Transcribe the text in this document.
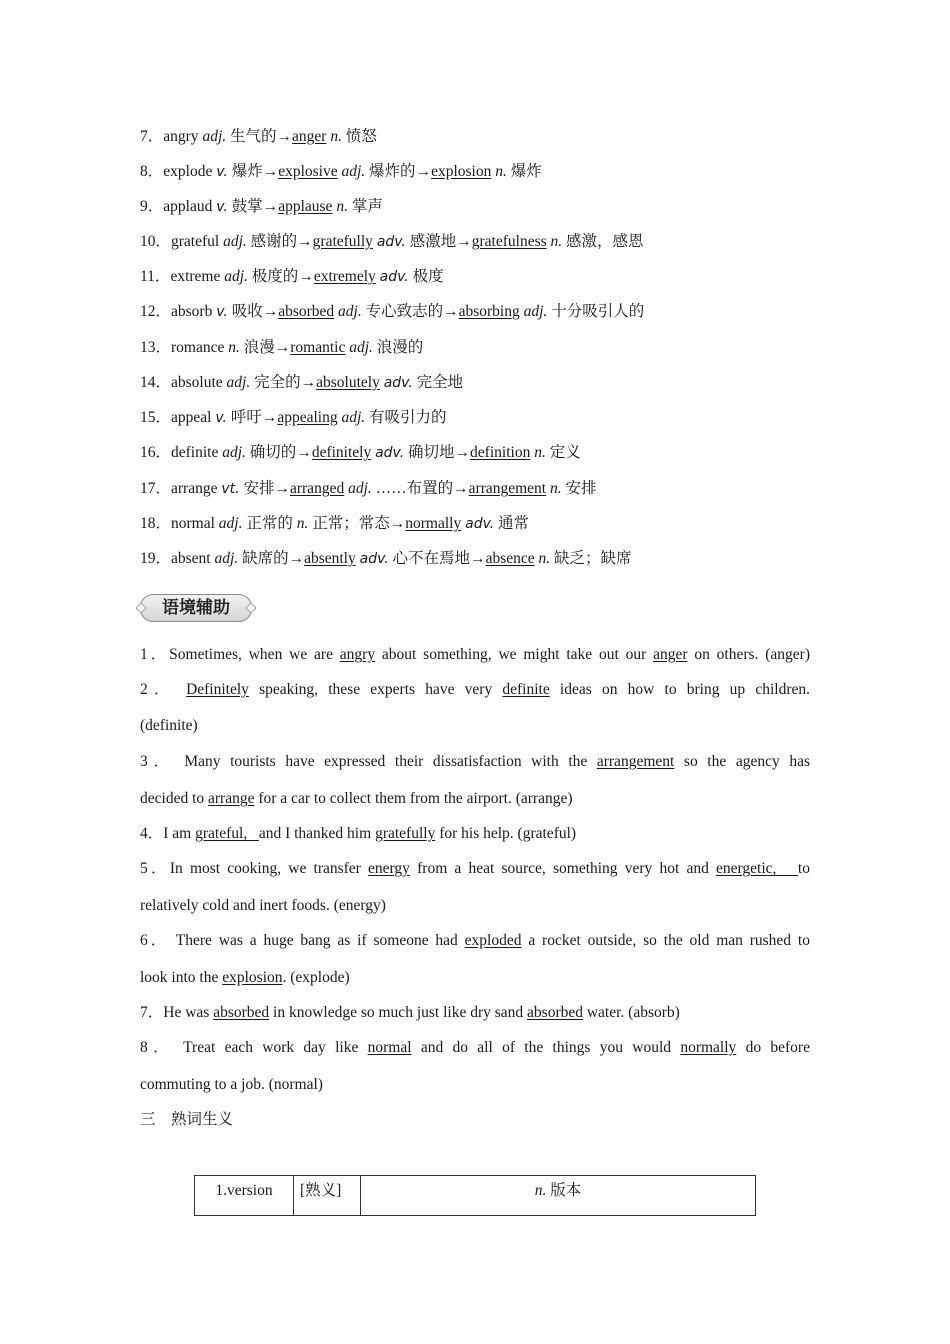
7．angry adj. 生气的→anger n. 愤怒
8．explode v. 爆炸→explosive adj. 爆炸的→explosion n. 爆炸
9．applaud v. 鼓掌→applause n. 掌声
10．grateful adj. 感谢的→gratefully adv. 感激地→gratefulness n. 感激，感恩
11．extreme adj. 极度的→extremely adv. 极度
12．absorb v. 吸收→absorbed adj. 专心致志的→absorbing adj. 十分吸引人的
13．romance n. 浪漫→romantic adj. 浪漫的
14．absolute adj. 完全的→absolutely adv. 完全地
15．appeal v. 呼吁→appealing adj. 有吸引力的
16．definite adj. 确切的→definitely adv. 确切地→definition n. 定义
17．arrange vt. 安排→arranged adj. ……布置的→arrangement n. 安排
18．normal adj. 正常的 n. 正常；常态→normally adv. 通常
19．absent adj. 缺席的→absently adv. 心不在焉地→absence n. 缺乏；缺席
语境辅助
1．Sometimes, when we are angry about something, we might take out our anger on others. (anger)
2． Definitely speaking, these experts have very definite ideas on how to bring up children.
(definite)
3． Many tourists have expressed their dissatisfaction with the arrangement so the agency has
decided to arrange for a car to collect them from the airport. (arrange)
4．I am grateful,   and I thanked him gratefully for his help. (grateful)
5．In most cooking, we transfer energy from a heat source, something very hot and energetic,   to
relatively cold and inert foods. (energy)
6． There was a huge bang as if someone had exploded a rocket outside, so the old man rushed to
look into the explosion. (explode)
7．He was absorbed in knowledge so much just like dry sand absorbed water. (absorb)
8． Treat each work day like normal and do all of the things you would normally do before
commuting to a job. (normal)
三 熟词生义
1.version	[熟义]	n. 版本
